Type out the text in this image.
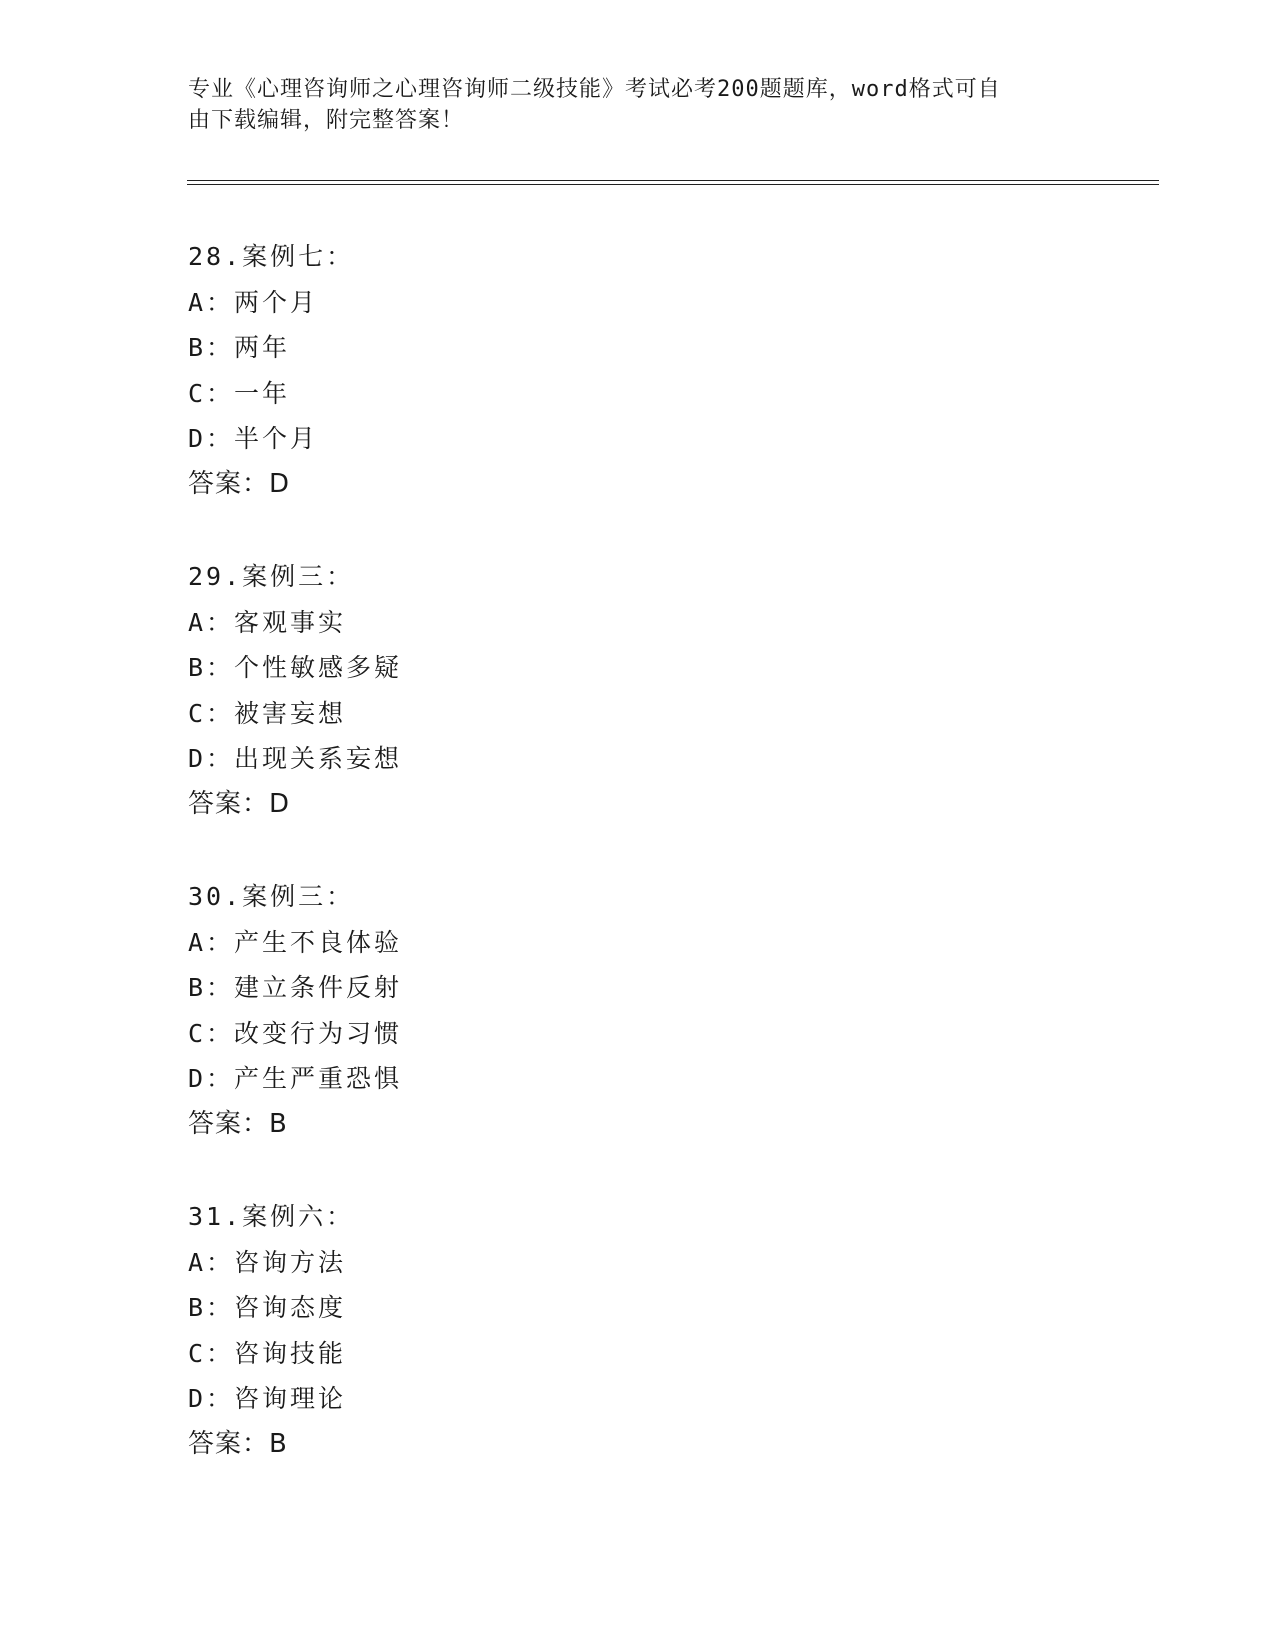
专业《心理咨询师之心理咨询师二级技能》考试必考200题题库，word格式可自
由下载编辑，附完整答案！
28.案例七：
A：两个月
B：两年
C：一年
D：半个月
答案：D
29.案例三：
A：客观事实
B：个性敏感多疑
C：被害妄想
D：出现关系妄想
答案：D
30.案例三：
A：产生不良体验
B：建立条件反射
C：改变行为习惯
D：产生严重恐惧
答案：B
31.案例六：
A：咨询方法
B：咨询态度
C：咨询技能
D：咨询理论
答案：B
